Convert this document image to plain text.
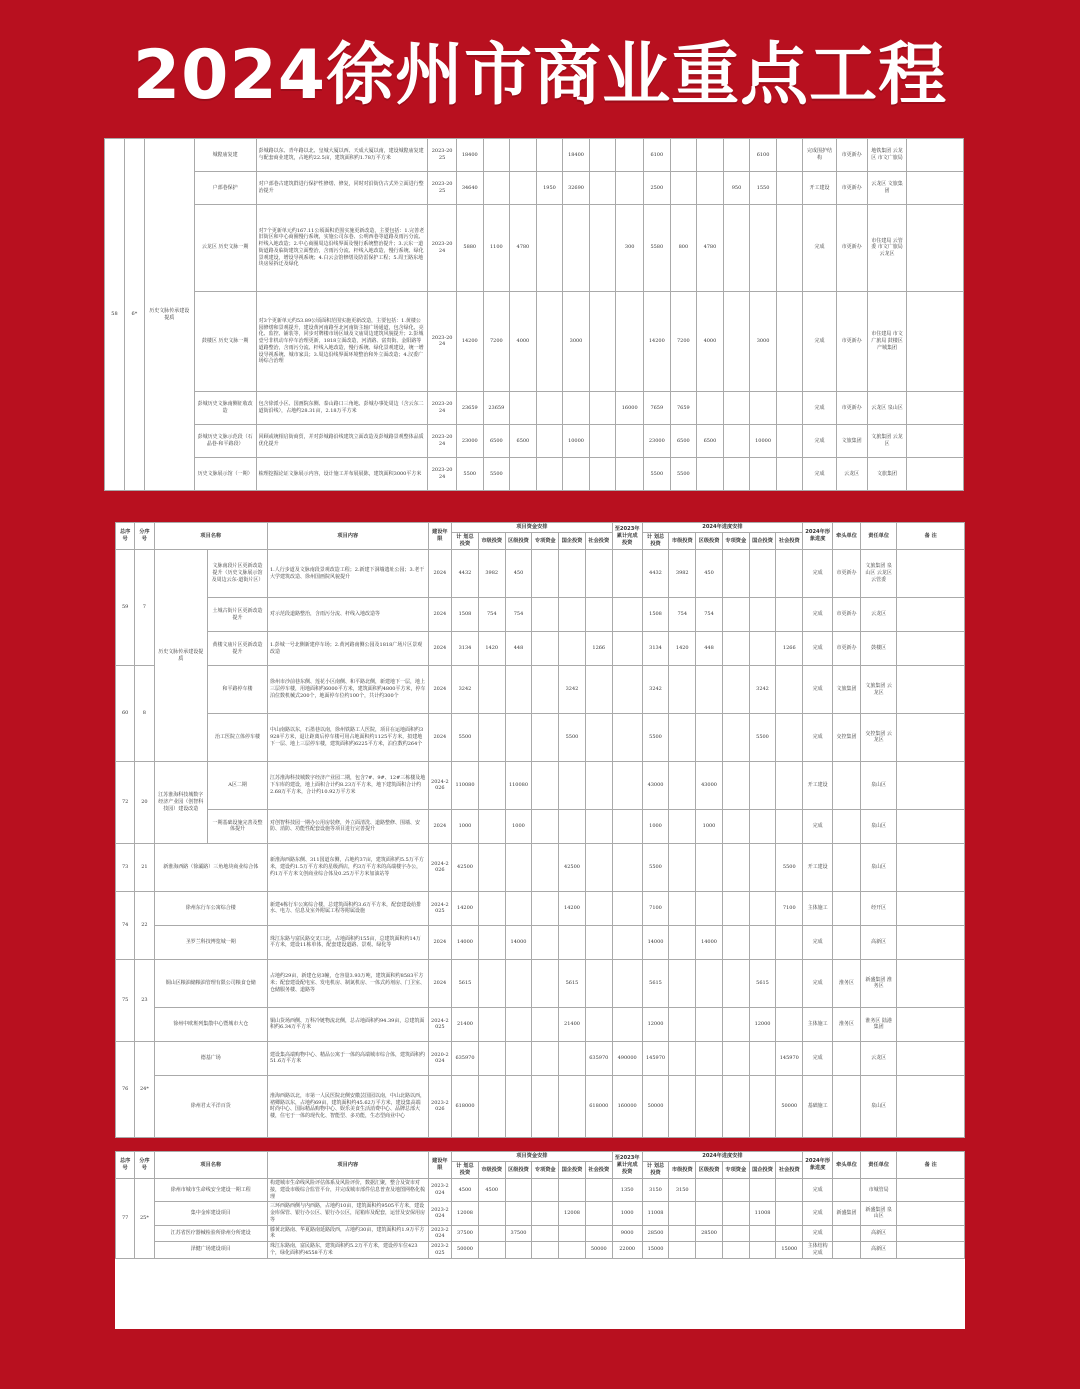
2024徐州市商业重点工程
58	6*	历史文脉传承建设提质	城隍庙复建	彭城路以东、青年路以北、皇城大厦以西、天成大厦以南，建设城隍庙复建与配套商业建筑，占地约22.5亩，建筑面积约1.78万平方米	2023-2025	18400				18400			6100				6100		完成围护结构	市更新办	地铁集团 云龙区 市文广旅局	
			户部巷保护	对户部巷古建筑群进行保护性修缮、修复，同时对沿街仿古式外立面进行整治提升	2023-2025	34640			1950	32690			2500			950	1550		开工建设	市更新办	云龙区 文旅集团	
			云龙区 历史文脉一期	对7个更新单元约167.11公顷面积范围实施更新改造，主要包括：1.完善老旧街区和中心商圈慢行系统，实施公司东巷、公明西巷等道路及雨污分流、杆线入地改造；2.中心商圈周边沿线界面及慢行系统整治提升；3.云东一道街道路及临街建筑立面整治，含雨污分流、杆线入地改造，慢行系统、绿化景观建设，增设导视系统；4.白云会馆修缮及防雷保护工程；5.周王路东地块房屋拆迁及绿化	2023-2024	5880	1100	4780				300	5580	800	4780				完成	市更新办	市住建局 云管委 市文广旅局 云龙区	
			鼓楼区 历史文脉一期	对3个更新单元约53.89公顷面积范围实施更新改造，主要包括：1.黄楼公园修缮和景观提升，建设黄河南路至北河南街主轴广场通道，包含绿化、亮化、监控、铺装等，同步对牌楼市场区域及文庙周边建筑风貌提升；2.彭城壹号非机动车停车治理更新，1818立面改造，河清路、富贵街、金阳路等道路整治，含雨污分流、杆线入地改造，慢行系统、绿化景观建设，统一增设导视系统、城市家具；3.周边沿线界面环境整治和外立面改造；4.汉委广场综合治理	2023-2024	14200	7200	4000		3000			14200	7200	4000		3000		完成	市更新办	市住建局 市文广旅局 鼓楼区 产城集团	
			彭城历史文脉南侧征收改造	包含徐派小区、国画院东侧、泰山路口三角地、彭城办事处周边（含云东二道街沿线），占地约28.31亩，2.18万平方米	2023-2024	23659	23659					16000	7659	7659					完成	市更新办	云龙区 泉山区	
			彭城历史文脉示范段（石晶巷-和平路段）	回顾或统相启街商贸，并对彭城路沿线建筑立面改造及彭城路景观整体品质优化提升	2023-2024	23000	6500	6500		10000			23000	6500	6500		10000		完成	文旅集团	文旅集团 云龙区	
			历史文脉展示馆（一期）	梳理挖掘论证文脉展示内容，设计施工并布展展陈，建筑面积3000平方米	2023-2024	5500	5500						5500	5500					完成	云龙区	文旅集团	
总序号	分序号	项目名称		项目内容	建设年限	项目资金安排						至2023年累计完成投资	2024年进度安排						2024年形象进度	牵头单位	责任单位	备 注
						计 划总投资	市级投资	区级投资	专项资金	国企投资	社会投资		计 划总投资	市级投资	区级投资	专项资金	国企投资	社会投资				
59	7	历史文脉传承建设提质	文脉南段片区更新改造提升（历史文脉展示馆及周边云东-道街片区）	1.人行步道及文脉南段景观改造工程；2.新建下洞墙遗址公园；3.老干大学建筑改造、徐州国画院风貌提升	2024	4432	3982	450					4432	3982	450				完成	市更新办	文旅集团 泉山区 云龙区 云管委	
			土城古街片区更新改造提升	对示范段道路整治，含雨污分流、杆线入地改造等	2024	1508	754	754					1508	754	754				完成	市更新办	云龙区	
			黄楼文庙片区更新改造提升	1.彭城一号北侧新建停车场；2.黄河路南侧公园及1818广场片区景观改造	2024	3134	1420	448			1266		3134	1420	448			1266	完成	市更新办	鼓楼区	
60	8		和平路停车楼	徐州市沙前巷东侧、莲花小区南侧、和平路北侧，新建地下一层，地上三层停车楼，用地面积约6000平方米，建筑面积约4800平方米，停车泊位数机械式200个，地面停车位约100个，共计约300个	2024	3242				3242			3242				3242		完成	文旅集团	文旅集团 云龙区	
			治工医院立体停车楼	中山南路以东，石墨巷以南，徐州铁路工人医院，项目在运地面积约3928平方米，退让距离后停车楼可用占地面积约1125平方米，拟建地下一层、地上三层停车楼，建筑面积约6225平方米，泊位数约264个	2024	5500				5500			5500				5500		完成	交控集团	交控集团 云龙区	
72	20	江苏淮海科技城数字经济产业园（创智科技园）建设改造	A区二期	江苏淮海科技城数字经济产业园二期，包含7#、9#、12#三栋楼及地下车库的建设，地上面积合计约8.23万平方米，地下建筑面积合计约2.68万平方米，合计约10.92万平方米	2024-2026	110080		110080					43000		43000				开工建设		泉山区	
			一期基础设施完善及整体提升	对创智科技园一期办公用房装修，外立面清洗、道路整修、围墙、安防、消防、功能性配套设施等项目进行完善提升	2024	1000		1000					1000		1000				完成		泉山区	
73	21	新淮海西路（徐灞路）三角地块商业综合体		新淮海西路东侧、311国道东侧，占地约37亩，建筑面积约5.5万平方米，建设约1.5万平方米的星级酒店，约3万平方米的高端楼宇办公，约1万平方米文创商业综合体及0.25万平方米加油站等	2024-2026	42500				42500			5500					5500	开工建设		泉山区	
74	22	徐州东行车公寓综合楼		新建4栋行车公寓综合楼，总建筑面积约3.6万平方米，配套建设给排水、电力、信息及室外附属工程等附属设施	2024-2025	14200				14200			7100					7100	主体施工		经开区	
		圣罗兰科技博览城一期		珠江东路与富民路交叉口北，占地面积约155亩，总建筑面积约14万平方米，建设11栋单体，配套建设道路、景观、绿化等	2024	14000		14000					14000		14000				完成		高新区	
75	23	铜山区粮油储粮油管理有限公司粮食仓储		占地约29亩，新建仓房3幢，仓容量3.93万吨，建筑面积约8583平方米；配套建设配电室、发电机房、制氮机房、一体式药剂房、门卫室、仓储服务楼、道路等	2024	5615				5615			5615				5615		完成	淮务区	新盛集团 淮务区	
		徐州中欧班列集散中心暨城市大仓		铜山货场西侧、万科冷链物流北侧，总占地面积约94.39亩，总建筑面积约6.34万平方米	2024-2025	21400				21400			12000				12000		主体施工	淮务区	淮务区 陆港集团	
76	24*	德基广场		建设集高端购物中心、精品公寓于一体的高端城市综合体，建筑面积约51.6万平方米	2020-2024	635970					635970	490000	145970					145970	完成		云龙区	
		徐州君太平洋百货		淮海西路以北，市第一人民医院北侧安徽芸国园以南，中山北路以西，褚卿路以东，占地约69亩，建筑面积约45.62万平方米，建设集高端时尚中心、国际精品购物中心、娱乐美食生活消费中心、品牌总部大楼，住宅于一体的现代化、智能型、多功能，生态型商业中心	2023-2026	618000					618000	160000	50000					50000	基础施工		泉山区	
总序号	分序号	项目名称	项目内容	建设年限	项目资金安排						至2023年累计完成投资	2024年进度安排						2024年形象进度	牵头单位	责任单位	备 注
					计 划总投资	市级投资	区级投资	专项资金	国企投资	社会投资		计 划总投资	市级投资	区级投资	专项资金	国企投资	社会投资				
77	25*	徐州市城市生命线安全建设一期工程	构建城市生命线风险评估体系及风险评价，数据汇聚，整合及资市对接，建设市级综合监管平台，并完成城市部件信息普查及地图网格化梳理	2023-2024	4500	4500					1350	3150	3150					完成		市城管局	
		集中金库建设项目	三环西路西侧与内西路，占地约10亩，建筑面积约9505平方米，建设金库保管、银行办公区、银行办公区，尾箱库及配套，运营及安保用房等	2023-2024	12008				12008		1000	11008				11008		完成	新盛集团	新盛集团 泉山区	
		江苏省医疗器械检验所徐州分所建设	滕黄北路南、华夏路南延路段西，占地约30亩，建筑面积约1.9万平方米	2023-2024	37500		37500				9000	28500		28500				完成		高新区	
		泽健广场建设项目	珠江东路南，富民路东，建筑面积约5.2万平方米，建设停车位423个，绿化面积约4558平方米	2023-2025	50000					50000	22000	15000					15000	主体结构完成		高新区	
